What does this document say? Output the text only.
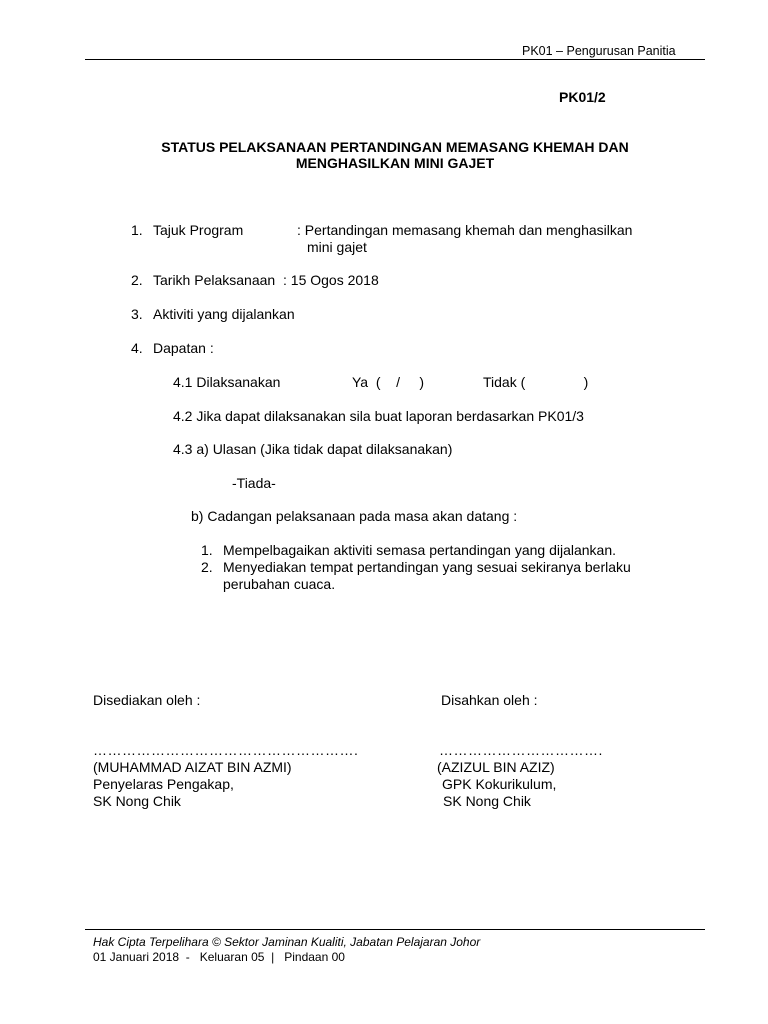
PK01 – Pengurusan Panitia
PK01/2
STATUS PELAKSANAAN PERTANDINGAN MEMASANG KHEMAH DAN
MENGHASILKAN MINI GAJET
1. Tajuk Program	: Pertandingan memasang khemah dan menghasilkan
mini gajet
2. Tarikh Pelaksanaan : 15 Ogos 2018
3. Aktiviti yang dijalankan
4. Dapatan :
4.1 Dilaksanakan	Ya  (    /     )	Tidak (               )
4.2 Jika dapat dilaksanakan sila buat laporan berdasarkan PK01/3
4.3 a) Ulasan (Jika tidak dapat dilaksanakan)
-Tiada-
b) Cadangan pelaksanaan pada masa akan datang :
1. Mempelbagaikan aktiviti semasa pertandingan yang dijalankan.
2. Menyediakan tempat pertandingan yang sesuai sekiranya berlaku
perubahan cuaca.
Disediakan oleh :
……………………………………………….
(MUHAMMAD AIZAT BIN AZMI)
Penyelaras Pengakap,
SK Nong Chik
Disahkan oleh :
…………………………….
(AZIZUL BIN AZIZ)
GPK Kokurikulum,
SK Nong Chik
Hak Cipta Terpelihara © Sektor Jaminan Kualiti, Jabatan Pelajaran Johor
01 Januari 2018  -   Keluaran 05  |   Pindaan 00
